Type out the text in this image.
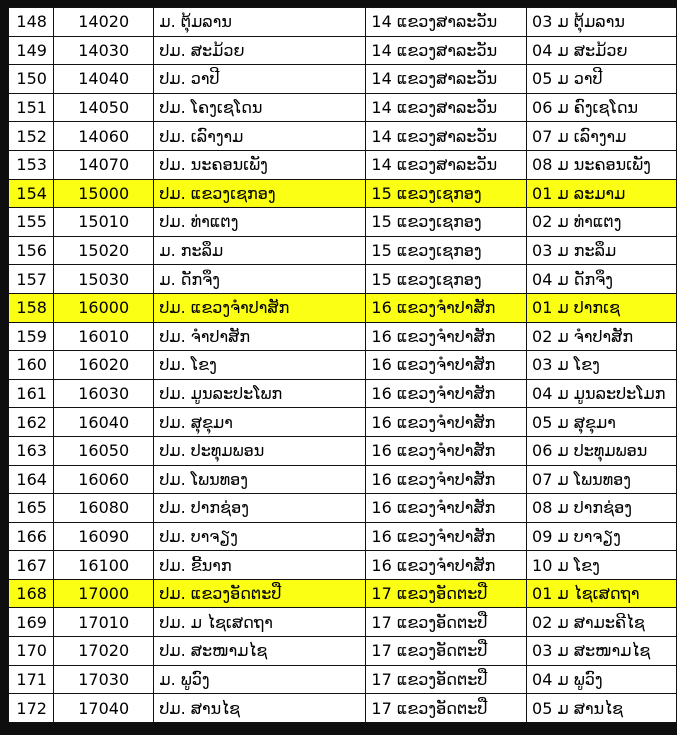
148	14020	ມ. ຕຸ້ມລານ	14 ແຂວງສາລະວັນ	03 ມ ຕຸ້ມລານ
149	14030	ປມ. ສະມ້ວຍ	14 ແຂວງສາລະວັນ	04 ມ ສະມ້ວຍ
150	14040	ປມ. ວາປີ	14 ແຂວງສາລະວັນ	05 ມ ວາປີ
151	14050	ປມ. ໂຄງເຊໂດນ	14 ແຂວງສາລະວັນ	06 ມ ຄົງເຊໂດນ
152	14060	ປມ. ເລົາງາມ	14 ແຂວງສາລະວັນ	07 ມ ເລົາງາມ
153	14070	ປມ. ນະຄອນເພັງ	14 ແຂວງສາລະວັນ	08 ມ ນະຄອນເພັງ
154	15000	ປມ. ແຂວງເຊກອງ	15 ແຂວງເຊກອງ	01 ມ ລະມາມ
155	15010	ປມ. ທ່າແຕງ	15 ແຂວງເຊກອງ	02 ມ ທ່າແຕງ
156	15020	ມ. ກະລຶມ	15 ແຂວງເຊກອງ	03 ມ ກະລຶມ
157	15030	ມ. ດັກຈຶງ	15 ແຂວງເຊກອງ	04 ມ ດັກຈຶງ
158	16000	ປມ. ແຂວງຈໍາປາສັກ	16 ແຂວງຈໍາປາສັກ	01 ມ ປາກເຊ
159	16010	ປມ. ຈໍາປາສັກ	16 ແຂວງຈໍາປາສັກ	02 ມ ຈໍາປາສັກ
160	16020	ປມ. ໂຂງ	16 ແຂວງຈໍາປາສັກ	03 ມ ໂຂງ
161	16030	ປມ. ມູນລະປະໂພກ	16 ແຂວງຈໍາປາສັກ	04 ມ ມູນລະປະໂມກ
162	16040	ປມ. ສຸຂຸມາ	16 ແຂວງຈໍາປາສັກ	05 ມ ສຸຂຸມາ
163	16050	ປມ. ປະທຸມພອນ	16 ແຂວງຈໍາປາສັກ	06 ມ ປະທຸມພອນ
164	16060	ປມ. ໂພນທອງ	16 ແຂວງຈໍາປາສັກ	07 ມ ໂພນທອງ
165	16080	ປມ. ປາກຊ່ອງ	16 ແຂວງຈໍາປາສັກ	08 ມ ປາກຊ່ອງ
166	16090	ປມ. ບາຈຽງ	16 ແຂວງຈໍາປາສັກ	09 ມ ບາຈຽງ
167	16100	ປມ. ຂີ້ນາກ	16 ແຂວງຈໍາປາສັກ	10 ມ ໂຂງ
168	17000	ປມ. ແຂວງອັດຕະປື	17 ແຂວງອັດຕະປື	01 ມ ໄຊເສດຖາ
169	17010	ປມ. ມ ໄຊເສດຖາ	17 ແຂວງອັດຕະປື	02 ມ ສາມະຄີໄຊ
170	17020	ປມ. ສະໜາມໄຊ	17 ແຂວງອັດຕະປື	03 ມ ສະໜາມໄຊ
171	17030	ມ. ພູວົງ	17 ແຂວງອັດຕະປື	04 ມ ພູວົງ
172	17040	ປມ. ສານໄຊ	17 ແຂວງອັດຕະປື	05 ມ ສານໄຊ
